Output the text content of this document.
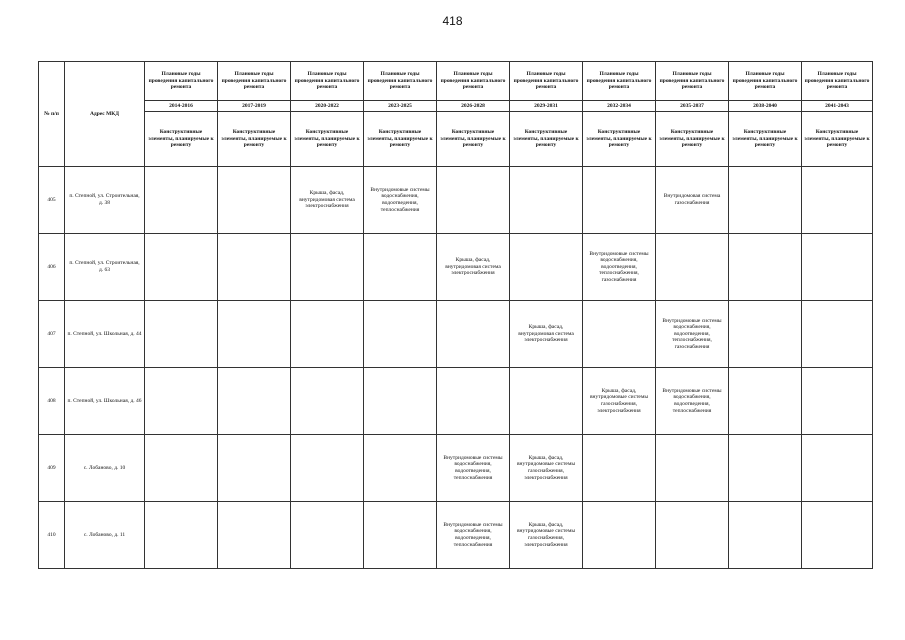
418
№ п/п	Адрес МКД	Плановые годы проведения капитального ремонта	Плановые годы проведения капитального ремонта	Плановые годы проведения капитального ремонта	Плановые годы проведения капитального ремонта	Плановые годы проведения капитального ремонта	Плановые годы проведения капитального ремонта	Плановые годы проведения капитального ремонта	Плановые годы проведения капитального ремонта	Плановые годы проведения капитального ремонта	Плановые годы проведения капитального ремонта
		2014-2016	2017-2019	2020-2022	2023-2025	2026-2028	2029-2031	2032-2034	2035-2037	2038-2040	2041-2043
		Конструктивные элементы, планируемые к ремонту	Конструктивные элементы, планируемые к ремонту	Конструктивные элементы, планируемые к ремонту	Конструктивные элементы, планируемые к ремонту	Конструктивные элементы, планируемые к ремонту	Конструктивные элементы, планируемые к ремонту	Конструктивные элементы, планируемые к ремонту	Конструктивные элементы, планируемые к ремонту	Конструктивные элементы, планируемые к ремонту	Конструктивные элементы, планируемые к ремонту
405	п. Степной, ул. Строительная, д. 38			Крыша, фасад, внутридомовая система электроснабжения	Внутридомовые системы водоснабжения, водоотведения, теплоснабжения				Внутридомовая система газоснабжения		
406	п. Степной, ул. Строительная, д. 63					Крыша, фасад, внутридомовая система электроснабжения		Внутридомовые системы водоснабжения, водоотведения, теплоснабжения, газоснабжения			
407	п. Степной, ул. Школьная, д. 44						Крыша, фасад, внутридомовая система электроснабжения		Внутридомовые системы водоснабжения, водоотведения, теплоснабжения, газоснабжения		
408	п. Степной, ул. Школьная, д. 46							Крыша, фасад, внутридомовые системы газоснабжения, электроснабжения	Внутридомовые системы водоснабжения, водоотведения, теплоснабжения		
409	с. Лобаново, д. 10					Внутридомовые системы водоснабжения, водоотведения, теплоснабжения	Крыша, фасад, внутридомовые системы газоснабжения, электроснабжения				
410	с. Лобаново, д. 11					Внутридомовые системы водоснабжения, водоотведения, теплоснабжения	Крыша, фасад, внутридомовые системы газоснабжения, электроснабжения				
